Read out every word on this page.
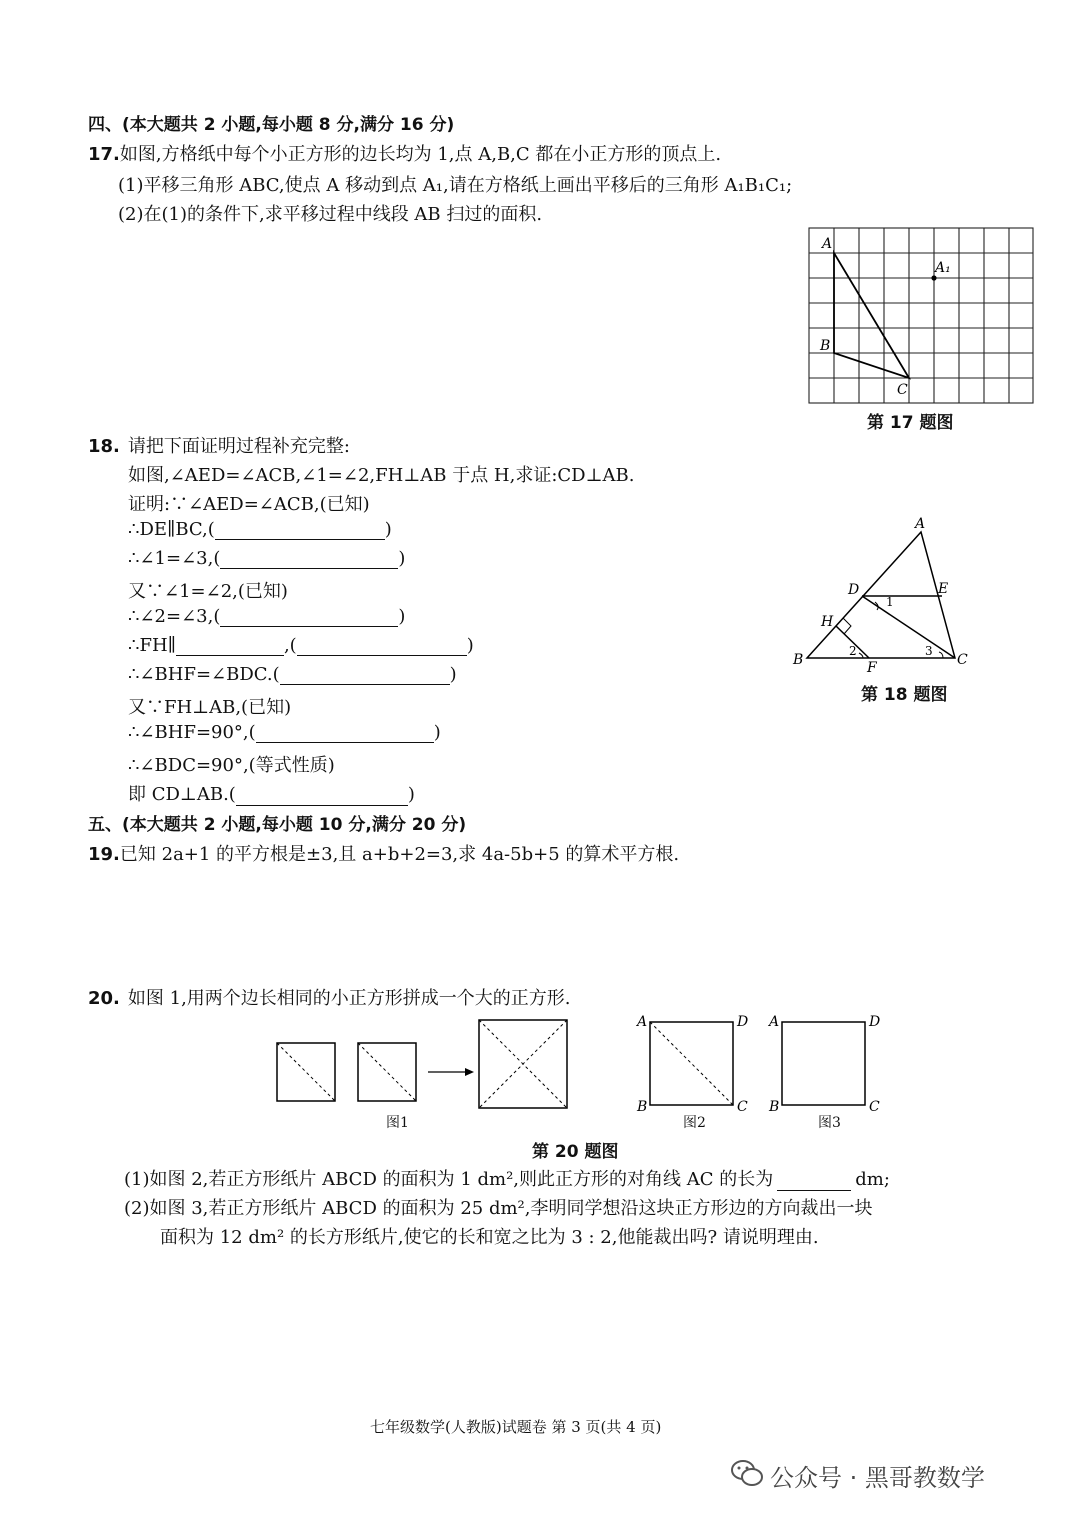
四、(本大题共 2 小题,每小题 8 分,满分 16 分)
17.如图,方格纸中每个小正方形的边长均为 1,点 A,B,C 都在小正方形的顶点上.
(1)平移三角形 ABC,使点 A 移动到点 A₁,请在方格纸上画出平移后的三角形 A₁B₁C₁;
(2)在(1)的条件下,求平移过程中线段 AB 扫过的面积.
A
B
C
A₁
第 17 题图
18. 请把下面证明过程补充完整:
如图,∠AED=∠ACB,∠1=∠2,FH⊥AB 于点 H,求证:CD⊥AB.
证明:∵∠AED=∠ACB,(已知)
∴DE∥BC,(	)
∴∠1=∠3,(	)
又∵∠1=∠2,(已知)
∴∠2=∠3,(	)
∴FH∥	,(	)
∴∠BHF=∠BDC.(	)
又∵FH⊥AB,(已知)
∴∠BHF=90°,(	)
∴∠BDC=90°,(等式性质)
即 CD⊥AB.(	)
A
B	C
D	E
F
H
1
2	3
第 18 题图
五、(本大题共 2 小题,每小题 10 分,满分 20 分)
19.已知 2a+1 的平方根是±3,且 a+b+2=3,求 4a-5b+5 的算术平方根.
20. 如图 1,用两个边长相同的小正方形拼成一个大的正方形.
A	D
B	C
A	D
B	C
图1	图2	图3
第 20 题图
(1)如图 2,若正方形纸片 ABCD 的面积为 1 dm²,则此正方形的对角线 AC 的长为	dm;
(2)如图 3,若正方形纸片 ABCD 的面积为 25 dm²,李明同学想沿这块正方形边的方向裁出一块
面积为 12 dm² 的长方形纸片,使它的长和宽之比为 3 : 2,他能裁出吗? 请说明理由.
七年级数学(人教版)试题卷 第 3 页(共 4 页)
公众号 · 黑哥教数学
